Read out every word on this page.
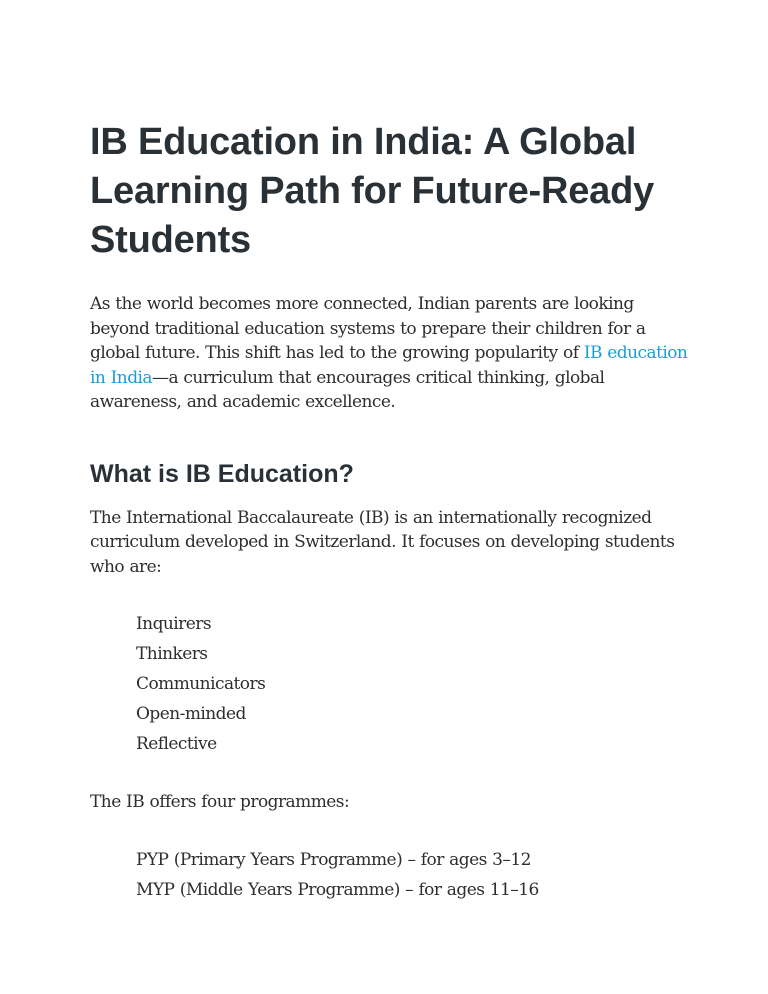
IB Education in India: A Global Learning Path for Future-Ready Students

As the world becomes more connected, Indian parents are looking beyond traditional education systems to prepare their children for a global future. This shift has led to the growing popularity of IB education in India—a curriculum that encourages critical thinking, global awareness, and academic excellence.

What is IB Education?

The International Baccalaureate (IB) is an internationally recognized curriculum developed in Switzerland. It focuses on developing students who are:

Inquirers
Thinkers
Communicators
Open-minded
Reflective

The IB offers four programmes:

PYP (Primary Years Programme) – for ages 3–12
MYP (Middle Years Programme) – for ages 11–16
